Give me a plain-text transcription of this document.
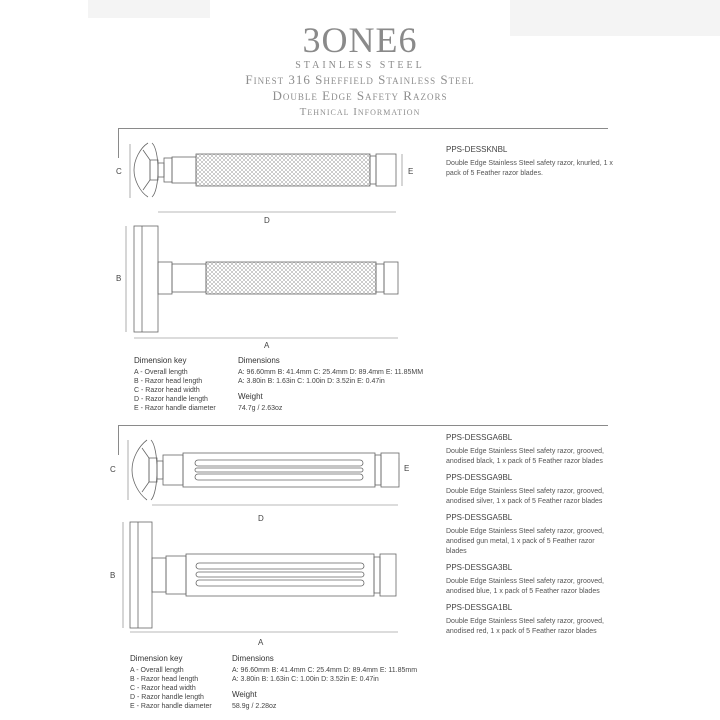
3ONE6
STAINLESS STEEL
Finest 316 Sheffield Stainless Steel
Double Edge Safety Razors
Tehnical Information
C	E
D
B
A
PPS-DESSKNBL
Double Edge Stainless Steel safety razor, knurled, 1 x pack of 5 Feather razor blades.
Dimension key
A - Overall length
B - Razor head length
C - Razor head width
D - Razor handle length
E - Razor handle diameter
Dimensions
A: 96.60mm B: 41.4mm C: 25.4mm D: 89.4mm E: 11.85MM
A: 3.80in B: 1.63in C: 1.00in D: 3.52in E: 0.47in
Weight
74.7g / 2.63oz
C	E
D
B
A
PPS-DESSGA6BL
Double Edge Stainless Steel safety razor, grooved, anodised black, 1 x pack of 5 Feather razor blades
PPS-DESSGA9BL
Double Edge Stainless Steel safety razor, grooved, anodised silver, 1 x pack of 5 Feather razor blades
PPS-DESSGA5BL
Double Edge Stainless Steel safety razor, grooved, anodised gun metal, 1 x pack of 5 Feather razor blades
PPS-DESSGA3BL
Double Edge Stainless Steel safety razor, grooved, anodised blue, 1 x pack of 5 Feather razor blades
PPS-DESSGA1BL
Double Edge Stainless Steel safety razor, grooved, anodised red, 1 x pack of 5 Feather razor blades
Dimension key
A - Overall length
B - Razor head length
C - Razor head width
D - Razor handle length
E - Razor handle diameter
Dimensions
A: 96.60mm B: 41.4mm C: 25.4mm D: 89.4mm E: 11.85mm
A: 3.80in B: 1.63in C: 1.00in D: 3.52in E: 0.47in
Weight
58.9g / 2.28oz
